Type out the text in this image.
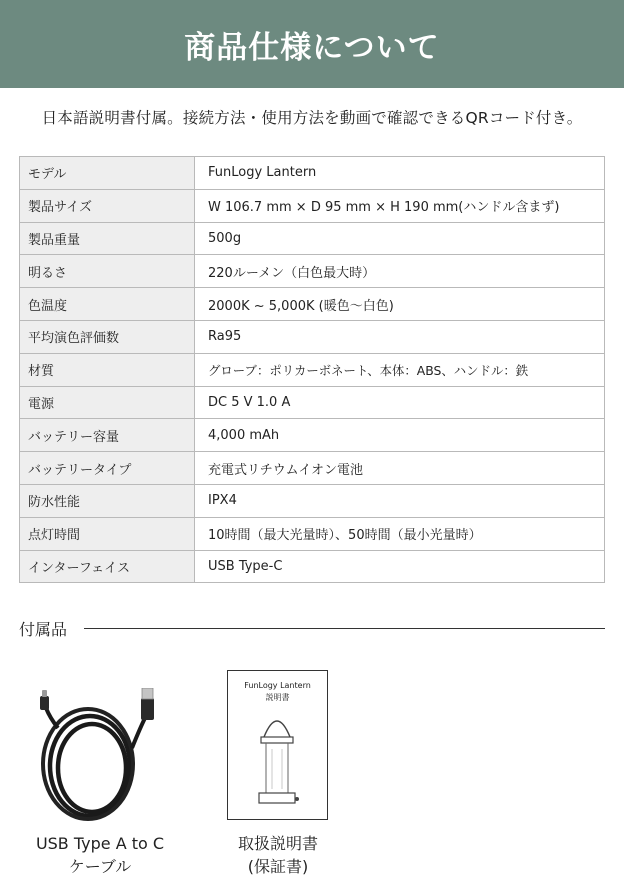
商品仕様について
日本語説明書付属。接続方法・使用方法を動画で確認できるQRコード付き。
モデル	FunLogy Lantern
製品サイズ	W 106.7 mm × D 95 mm × H 190 mm(ハンドル含まず)
製品重量	500g
明るさ	220ルーメン（白色最大時）
色温度	2000K ~ 5,000K (暖色〜白色)
平均演色評価数	Ra95
材質	グローブ：ポリカーボネート、本体：ABS、ハンドル：鉄
電源	DC 5 V 1.0 A
バッテリー容量	4,000 mAh
バッテリータイプ	充電式リチウムイオン電池
防水性能	IPX4
点灯時間	10時間（最大光量時）、50時間（最小光量時）
インターフェイス	USB Type-C
付属品
FunLogy Lantern
説明書
USB Type A to C
ケーブル
取扱説明書
(保証書)
